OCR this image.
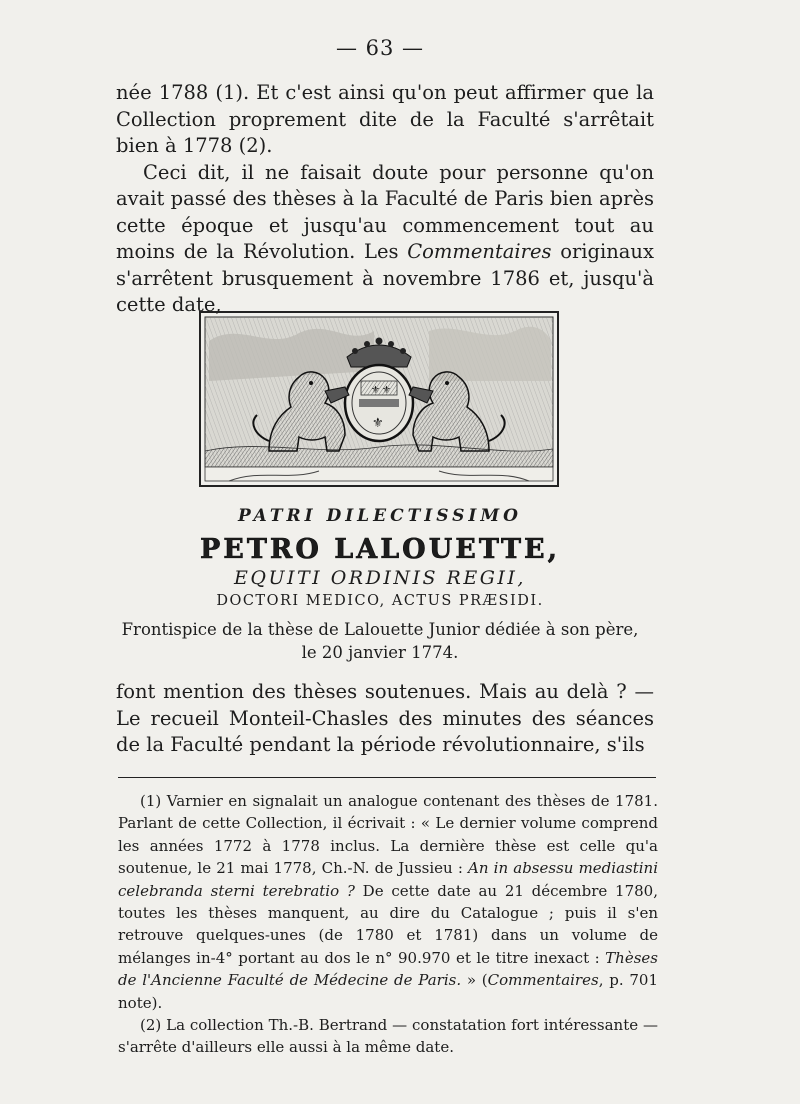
— 63 —

née 1788 (1). Et c'est ainsi qu'on peut affirmer que la Collection proprement dite de la Faculté s'arrêtait bien à 1778 (2).

Ceci dit, il ne faisait doute pour personne qu'on avait passé des thèses à la Faculté de Paris bien après cette époque et jusqu'au commencement tout au moins de la Révolution. Les Commentaires originaux s'arrêtent brusquement à novembre 1786 et, jusqu'à cette date,

⚜ ⚜
⚜
PATRI DILECTISSIMO
PETRO LALOUETTE,
EQUITI ORDINIS REGII,
DOCTORI MEDICO, ACTUS PRÆSIDI.

Frontispice de la thèse de Lalouette Junior dédiée à son père,

le 20 janvier 1774.

font mention des thèses soutenues. Mais au delà ? — Le recueil Monteil-Chasles des minutes des séances de la Faculté pendant la période révolutionnaire, s'ils

(1) Varnier en signalait un analogue contenant des thèses de 1781. Parlant de cette Collection, il écrivait : « Le dernier volume comprend les années 1772 à 1778 inclus. La dernière thèse est celle qu'a soutenue, le 21 mai 1778, Ch.-N. de Jussieu : An in absessu mediastini celebranda sterni terebratio ? De cette date au 21 décembre 1780, toutes les thèses manquent, au dire du Catalogue ; puis il s'en retrouve quelques-unes (de 1780 et 1781) dans un volume de mélanges in-4° portant au dos le n° 90.970 et le titre inexact : Thèses de l'Ancienne Faculté de Médecine de Paris. » (Commentaires, p. 701 note).

(2) La collection Th.-B. Bertrand — constatation fort intéressante — s'arrête d'ailleurs elle aussi à la même date.
